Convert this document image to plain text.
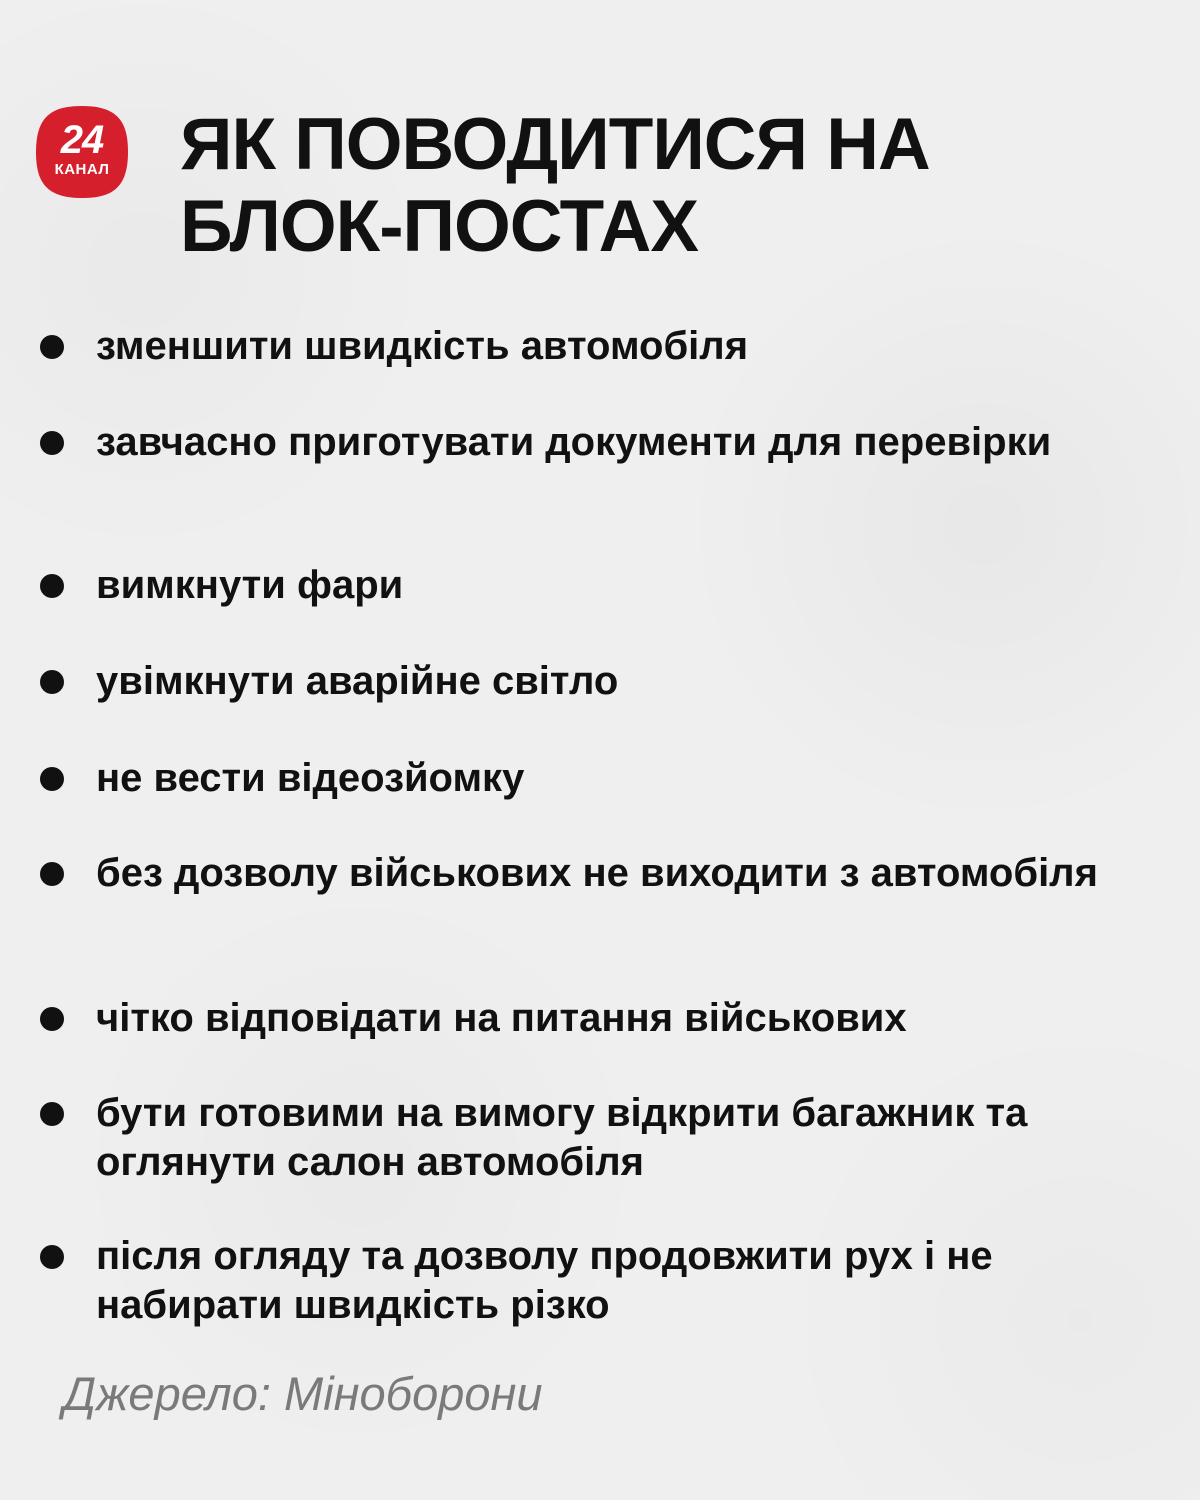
24
КАНАЛ ЯК ПОВОДИТИСЯ НА
БЛОК-ПОСТАХ
зменшити швидкість автомобіля
завчасно приготувати документи для перевірки
вимкнути фари
увімкнути аварійне світло
не вести відеозйомку
без дозволу військових не виходити з автомобіля
чітко відповідати на питання військових
бути готовими на вимогу відкрити багажник та оглянути салон автомобіля
після огляду та дозволу продовжити рух і не набирати швидкість різко
Джерело: Міноборони
